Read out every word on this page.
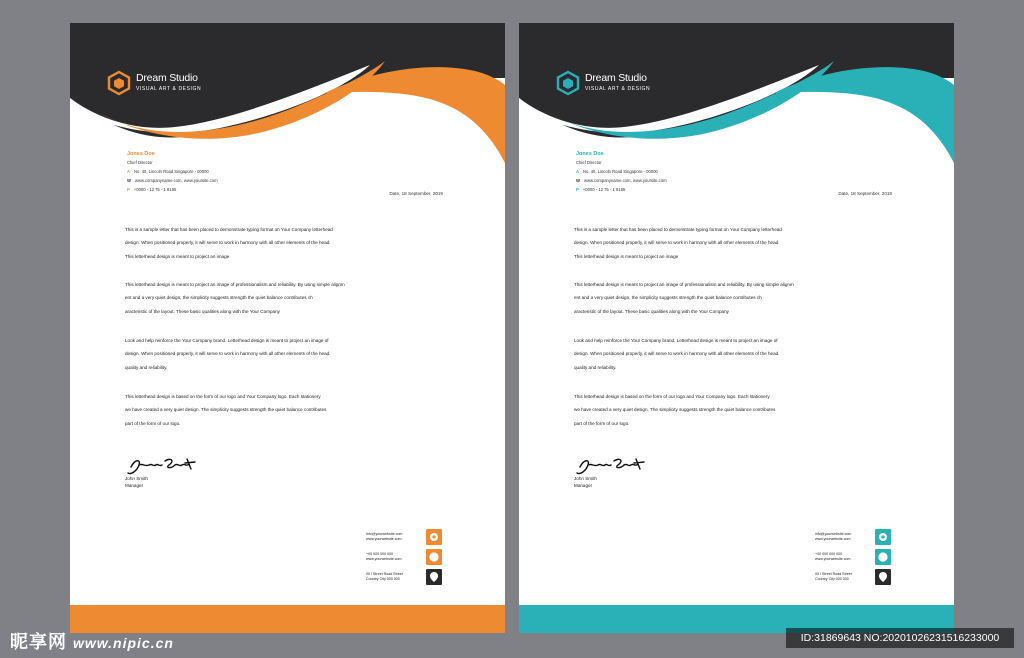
Dream Studio
VISUAL ART & DESIGN
Jones Doe
Chief Director
A No. 40, Lincoln Road Singapore - 00000
W www.companyname.com, www.yoursite.com
P +0000 - 12 75 - 1 8185
Date, 18 September, 2019
This is a sample letter that has been placed to demonstrate typing format on Your Company letterhead
design. When positioned properly, it will serve to work in harmony with all other elements of the head.
This letterhead design is meant to project an image
This letterhead design is meant to project an image of professionalism and reliability. By using simple alignm
ent and a very quiet design, the simplicity suggests strength the quiet balance contributes ch
aracteristic of the layout. These basic qualities along with the Your Company
Look and help reinforce the Your Company brand. Letterhead design is meant to project an image of
design. When positioned properly, it will serve to work in harmony with all other elements of the head.
quality and reliability.
This letterhead design is based on the form of our logo and Your Company logo. Each stationery
we have created a very quiet design. The simplicity suggests strength the quiet balance contributes
part of the form of our logo.
John Smith
Manager
info@yourwebsite.com
www.yourwebsite.com
+00 000 000 000
www.yourwebsite.com
00 / Street Road Street
Country City 000 000
Dream Studio
VISUAL ART & DESIGN
Jones Doe
Chief Director
A No. 40, Lincoln Road Singapore - 00000
W www.companyname.com, www.yoursite.com
P +0000 - 12 75 - 1 8185
Date, 18 September, 2019
This is a sample letter that has been placed to demonstrate typing format on Your Company letterhead
design. When positioned properly, it will serve to work in harmony with all other elements of the head.
This letterhead design is meant to project an image
This letterhead design is meant to project an image of professionalism and reliability. By using simple alignm
ent and a very quiet design, the simplicity suggests strength the quiet balance contributes ch
aracteristic of the layout. These basic qualities along with the Your Company
Look and help reinforce the Your Company brand. Letterhead design is meant to project an image of
design. When positioned properly, it will serve to work in harmony with all other elements of the head.
quality and reliability.
This letterhead design is based on the form of our logo and Your Company logo. Each stationery
we have created a very quiet design. The simplicity suggests strength the quiet balance contributes
part of the form of our logo.
John Smith
Manager
info@yourwebsite.com
www.yourwebsite.com
+00 000 000 000
www.yourwebsite.com
00 / Street Road Street
Country City 000 000
昵享网 www.nipic.cn	ID:31869643 NO:20201026231516233000
